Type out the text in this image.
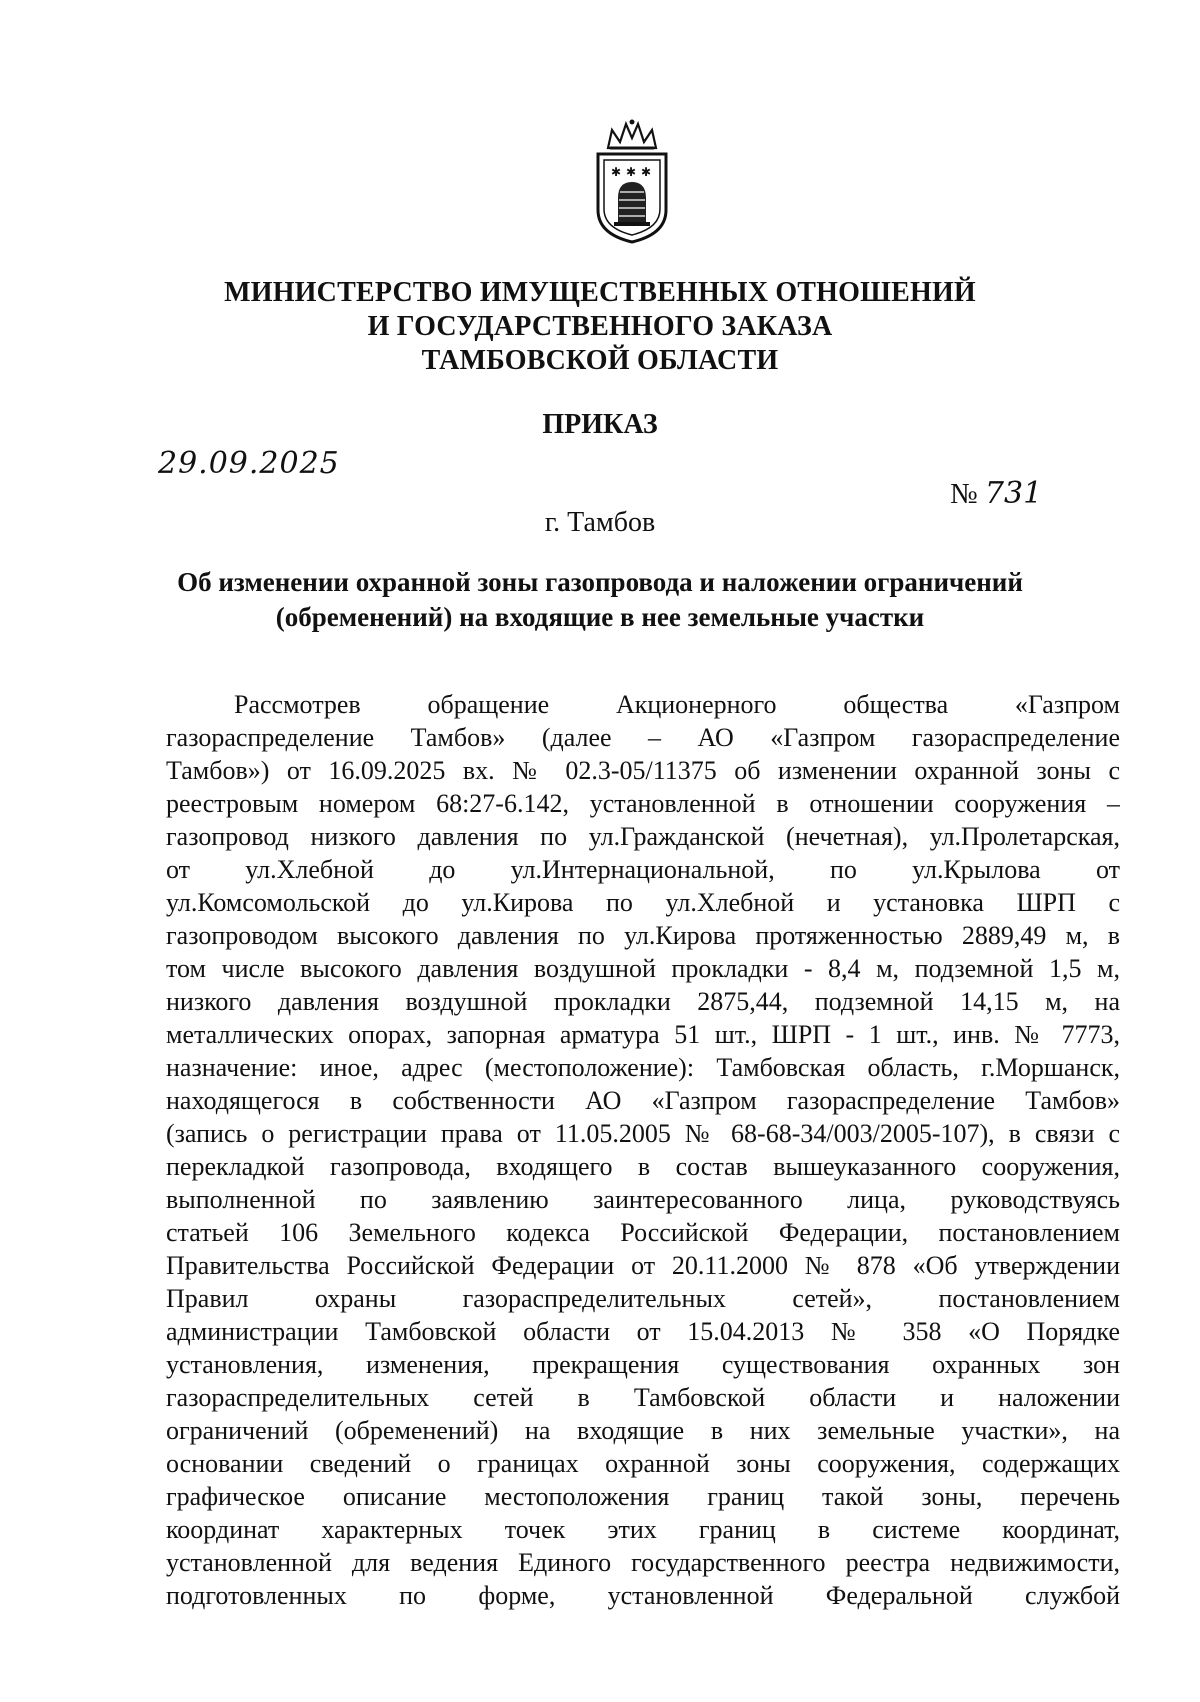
✱ ✱ ✱
МИНИСТЕРСТВО ИМУЩЕСТВЕННЫХ ОТНОШЕНИЙ
И ГОСУДАРСТВЕННОГО ЗАКАЗА
ТАМБОВСКОЙ ОБЛАСТИ
ПРИКАЗ
29.09.2025
№ 731
г. Тамбов
Об изменении охранной зоны газопровода и наложении ограничений
(обременений) на входящие в нее земельные участки
Рассмотрев обращение Акционерного общества «Газпром
газораспределение Тамбов» (далее – АО «Газпром газораспределение
Тамбов») от 16.09.2025 вх. № 02.3-05/11375 об изменении охранной зоны с
реестровым номером 68:27-6.142, установленной в отношении сооружения –
газопровод низкого давления по ул.Гражданской (нечетная), ул.Пролетарская,
от ул.Хлебной до ул.Интернациональной, по ул.Крылова от
ул.Комсомольской до ул.Кирова по ул.Хлебной и установка ШРП с
газопроводом высокого давления по ул.Кирова протяженностью 2889,49 м, в
том числе высокого давления воздушной прокладки - 8,4 м, подземной 1,5 м,
низкого давления воздушной прокладки 2875,44, подземной 14,15 м, на
металлических опорах, запорная арматура 51 шт., ШРП - 1 шт., инв. № 7773,
назначение: иное, адрес (местоположение): Тамбовская область, г.Моршанск,
находящегося в собственности АО «Газпром газораспределение Тамбов»
(запись о регистрации права от 11.05.2005 № 68-68-34/003/2005-107), в связи с
перекладкой газопровода, входящего в состав вышеуказанного сооружения,
выполненной по заявлению заинтересованного лица, руководствуясь
статьей 106 Земельного кодекса Российской Федерации, постановлением
Правительства Российской Федерации от 20.11.2000 № 878 «Об утверждении
Правил охраны газораспределительных сетей», постановлением
администрации Тамбовской области от 15.04.2013 № 358 «О Порядке
установления, изменения, прекращения существования охранных зон
газораспределительных сетей в Тамбовской области и наложении
ограничений (обременений) на входящие в них земельные участки», на
основании сведений о границах охранной зоны сооружения, содержащих
графическое описание местоположения границ такой зоны, перечень
координат характерных точек этих границ в системе координат,
установленной для ведения Единого государственного реестра недвижимости,
подготовленных по форме, установленной Федеральной службой
